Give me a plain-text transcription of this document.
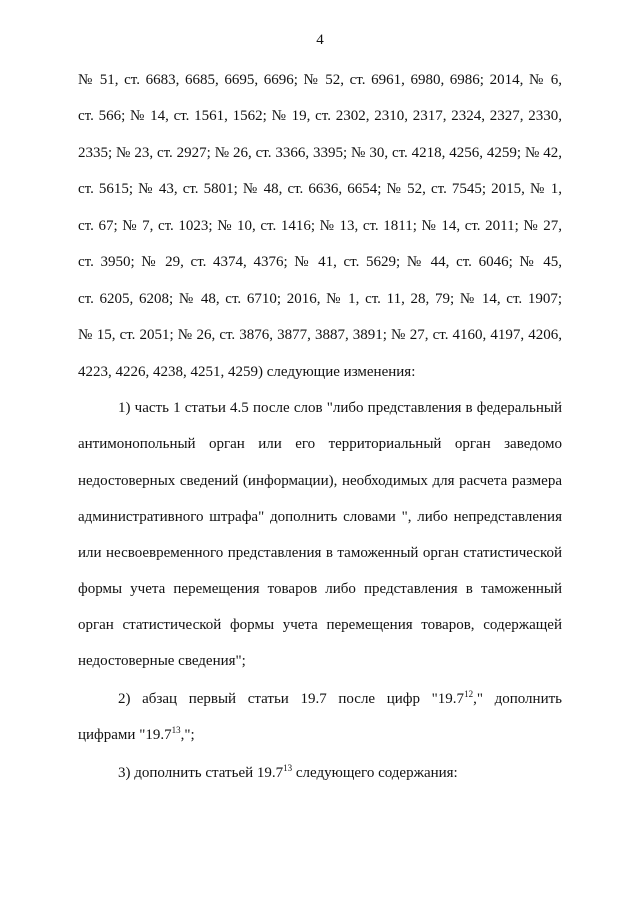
4
№ 51, ст. 6683, 6685, 6695, 6696; № 52, ст. 6961, 6980, 6986; 2014, № 6,
ст. 566; № 14, ст. 1561, 1562; № 19, ст. 2302, 2310, 2317, 2324, 2327, 2330,
2335; № 23, ст. 2927; № 26, ст. 3366, 3395; № 30, ст. 4218, 4256, 4259; № 42,
ст. 5615; № 43, ст. 5801; № 48, ст. 6636, 6654; № 52, ст. 7545; 2015, № 1,
ст. 67; № 7, ст. 1023; № 10, ст. 1416; № 13, ст. 1811; № 14, ст. 2011; № 27,
ст. 3950; № 29, ст. 4374, 4376; № 41, ст. 5629; № 44, ст. 6046; № 45,
ст. 6205, 6208; № 48, ст. 6710; 2016, № 1, ст. 11, 28, 79; № 14, ст. 1907;
№ 15, ст. 2051; № 26, ст. 3876, 3877, 3887, 3891; № 27, ст. 4160, 4197, 4206,
4223, 4226, 4238, 4251, 4259) следующие изменения:
1) часть 1 статьи 4.5 после слов "либо представления в федеральный
антимонопольный орган или его территориальный орган заведомо
недостоверных сведений (информации), необходимых для расчета размера
административного штрафа" дополнить словами ", либо непредставления
или несвоевременного представления в таможенный орган статистической
формы учета перемещения товаров либо представления в таможенный
орган статистической формы учета перемещения товаров, содержащей
недостоверные сведения";
2) абзац первый статьи 19.7 после цифр "19.7$^{12}$," дополнить
цифрами "19.7$^{13}$,";
3) дополнить статьей 19.7$^{13}$ следующего содержания:
